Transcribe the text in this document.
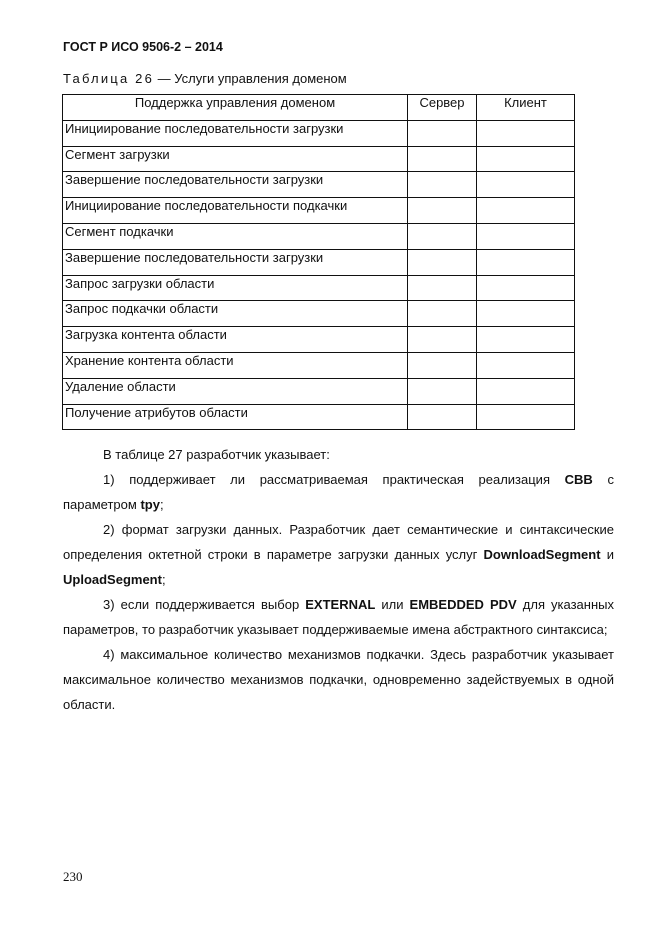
ГОСТ Р ИСО 9506-2 – 2014
Таблица 26 — Услуги управления доменом
Поддержка управления доменом	Сервер	Клиент
Инициирование последовательности загрузки		
Сегмент загрузки		
Завершение последовательности загрузки		
Инициирование последовательности подкачки		
Сегмент подкачки		
Завершение последовательности загрузки		
Запрос загрузки области		
Запрос подкачки области		
Загрузка контента области		
Хранение контента области		
Удаление области		
Получение атрибутов области		

В таблице 27 разработчик указывает:

1) поддерживает ли рассматриваемая практическая реализация СВВ с параметром tpy;

2) формат загрузки данных. Разработчик дает семантические и синтаксические определения октетной строки в параметре загрузки данных услуг DownloadSegment и UploadSegment;

3) если поддерживается выбор EXTERNAL или EMBEDDED PDV для указанных параметров, то разработчик указывает поддерживаемые имена абстрактного синтаксиса;

4) максимальное количество механизмов подкачки. Здесь разработчик указывает максимальное количество механизмов подкачки, одновременно задействуемых в одной области.

230
